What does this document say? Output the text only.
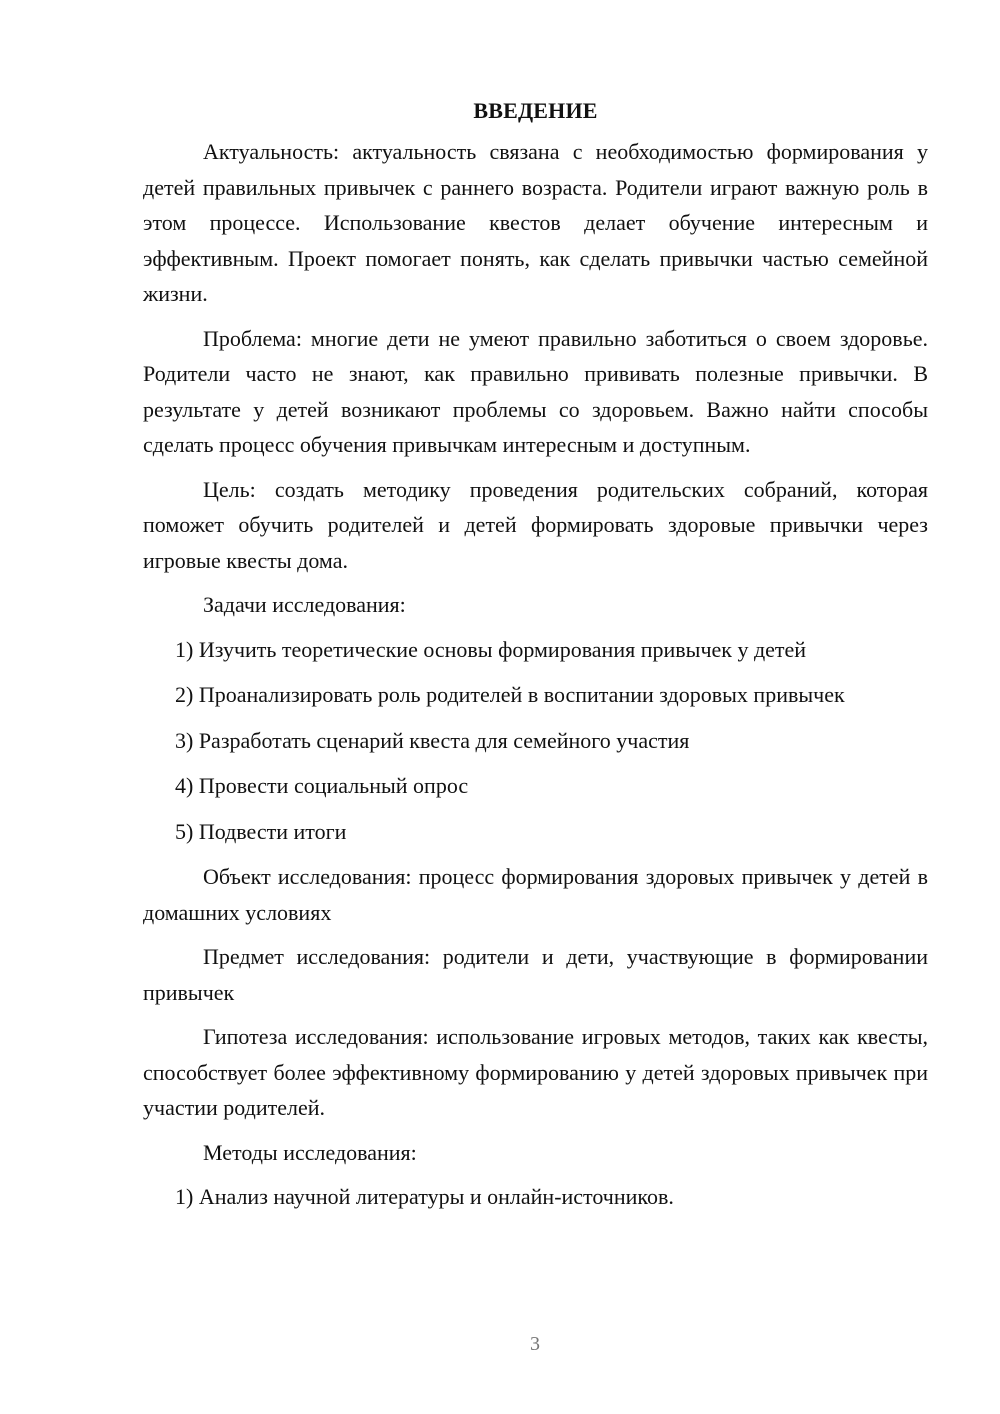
ВВЕДЕНИЕ

Актуальность: актуальность связана с необходимостью формирования у детей правильных привычек с раннего возраста. Родители играют важную роль в этом процессе. Использование квестов делает обучение интересным и эффективным. Проект помогает понять, как сделать привычки частью семейной жизни.

Проблема: многие дети не умеют правильно заботиться о своем здоровье. Родители часто не знают, как правильно прививать полезные привычки. В результате у детей возникают проблемы со здоровьем. Важно найти способы сделать процесс обучения привычкам интересным и доступным.

Цель: создать методику проведения родительских собраний, которая поможет обучить родителей и детей формировать здоровые привычки через игровые квесты дома.

Задачи исследования:

1) Изучить теоретические основы формирования привычек у детей

2) Проанализировать роль родителей в воспитании здоровых привычек

3) Разработать сценарий квеста для семейного участия

4) Провести социальный опрос

5) Подвести итоги

Объект исследования: процесс формирования здоровых привычек у детей в домашних условиях

Предмет исследования: родители и дети, участвующие в формировании привычек

Гипотеза исследования: использование игровых методов, таких как квесты, способствует более эффективному формированию у детей здоровых привычек при участии родителей.

Методы исследования:

1) Анализ научной литературы и онлайн-источников.

3
